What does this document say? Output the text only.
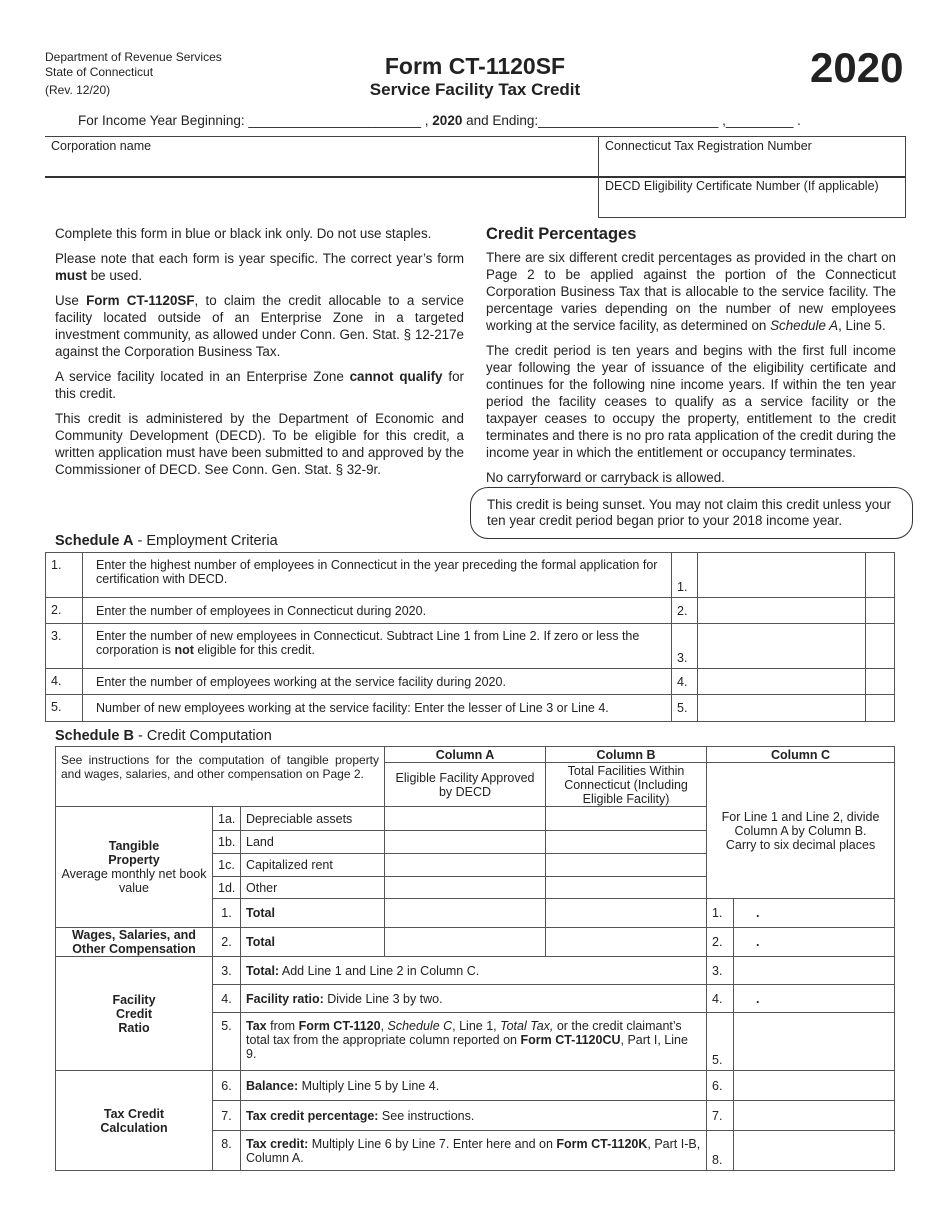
Department of Revenue Services
State of Connecticut
(Rev. 12/20)
Form CT-1120SF
Service Facility Tax Credit	2020
For Income Year Beginning: _______________________ , 2020 and Ending:________________________ ,_________ .
Corporation name	Connecticut Tax Registration Number
DECD Eligibility Certificate Number (If applicable)

Complete this form in blue or black ink only. Do not use staples.

Please note that each form is year specific. The correct year’s form must be used.

Use Form CT-1120SF, to claim the credit allocable to a service facility located outside of an Enterprise Zone in a targeted investment community, as allowed under Conn. Gen. Stat. § 12-217e against the Corporation Business Tax.

A service facility located in an Enterprise Zone cannot qualify for this credit.

This credit is administered by the Department of Economic and Community Development (DECD). To be eligible for this credit, a written application must have been submitted to and approved by the Commissioner of DECD. See Conn. Gen. Stat. § 32-9r.

Credit Percentages

There are six different credit percentages as provided in the chart on Page 2 to be applied against the portion of the Connecticut Corporation Business Tax that is allocable to the service facility. The percentage varies depending on the number of new employees working at the service facility, as determined on Schedule A, Line 5.

The credit period is ten years and begins with the first full income year following the year of issuance of the eligibility certificate and continues for the following nine income years. If within the ten year period the facility ceases to qualify as a service facility or the taxpayer ceases to occupy the property, entitlement to the credit terminates and there is no pro rata application of the credit during the income year in which the entitlement or occupancy terminates.

No carryforward or carryback is allowed.

This credit is being sunset. You may not claim this credit unless your ten year credit period began prior to your 2018 income year.
Schedule A - Employment Criteria
1.	Enter the highest number of employees in Connecticut in the year preceding the formal application for certification with DECD.	1.		
2.	Enter the number of employees in Connecticut during 2020.	2.		
3.	Enter the number of new employees in Connecticut. Subtract Line 1 from Line 2. If zero or less the corporation is not eligible for this credit.	3.		
4.	Enter the number of employees working at the service facility during 2020.	4.		
5.	Number of new employees working at the service facility: Enter the lesser of Line 3 or Line 4.	5.		
Schedule B - Credit Computation
See instructions for the computation of tangible property and wages, salaries, and other compensation on Page 2.			Column A	Column B	Column C	
			Eligible Facility Approved by DECD	Total Facilities Within Connecticut (Including Eligible Facility)	For Line 1 and Line 2, divide Column A by Column B. Carry to six decimal places	
Tangible
Property
Average monthly net book value	1a.	Depreciable assets				
	1b.	Land				
	1c.	Capitalized rent				
	1d.	Other				
	1.	Total			1.	.
Wages, Salaries, and Other Compensation	2.	Total			2.	.
Facility Credit Ratio	3.	Total: Add Line 1 and Line 2 in Column C.			3.	
	4.	Facility ratio: Divide Line 3 by two.			4.	.
	5.	Tax from Form CT-1120, Schedule C, Line 1, Total Tax, or the credit claimant’s total tax from the appropriate column reported on Form CT-1120CU, Part I, Line 9.			5.	
Tax Credit Calculation	6.	Balance: Multiply Line 5 by Line 4.			6.	
	7.	Tax credit percentage: See instructions.			7.	
	8.	Tax credit: Multiply Line 6 by Line 7. Enter here and on Form CT-1120K, Part I-B, Column A.			8.	
